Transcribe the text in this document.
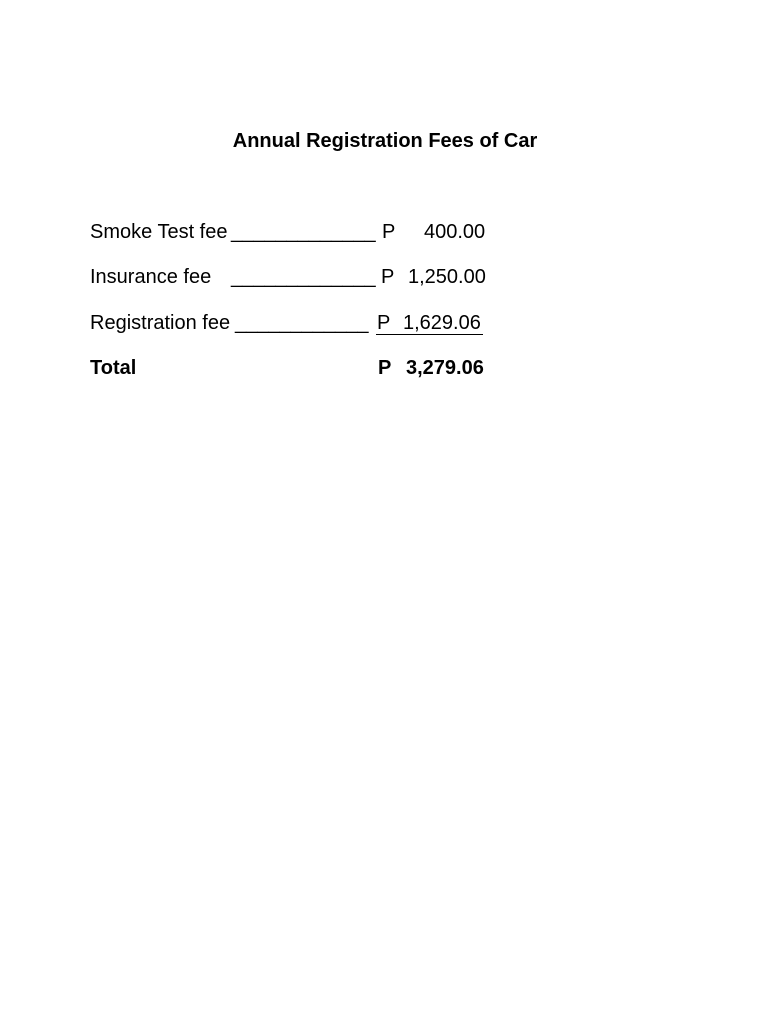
Annual Registration Fees of Car
Smoke Test fee _____________ P 400.00
Insurance fee _____________ P 1,250.00
Registration fee ____________ P 1,629.06
Total	P 3,279.06
